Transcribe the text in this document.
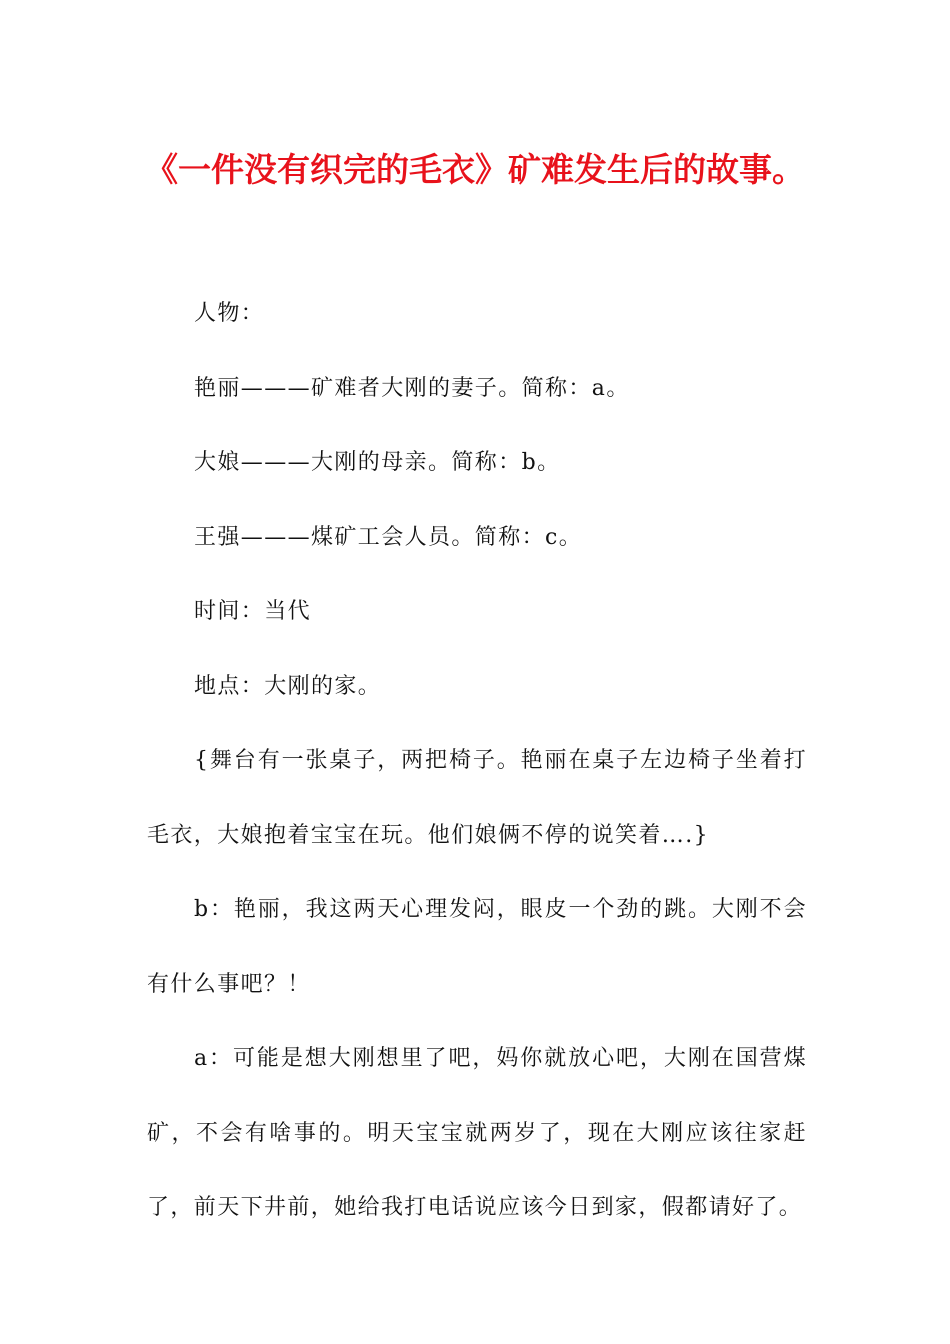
《一件没有织完的毛衣》矿难发生后的故事。

人物：

艳丽———矿难者大刚的妻子。简称：a。

大娘———大刚的母亲。简称：b。

王强———煤矿工会人员。简称：c。

时间：当代

地点：大刚的家。

{舞台有一张桌子，两把椅子。艳丽在桌子左边椅子坐着打毛衣，大娘抱着宝宝在玩。他们娘俩不停的说笑着….}

b：艳丽，我这两天心理发闷，眼皮一个劲的跳。大刚不会有什么事吧？！

a：可能是想大刚想里了吧，妈你就放心吧，大刚在国营煤矿，不会有啥事的。明天宝宝就两岁了，现在大刚应该往家赶了，前天下井前，她给我打电话说应该今日到家，假都请好了。
